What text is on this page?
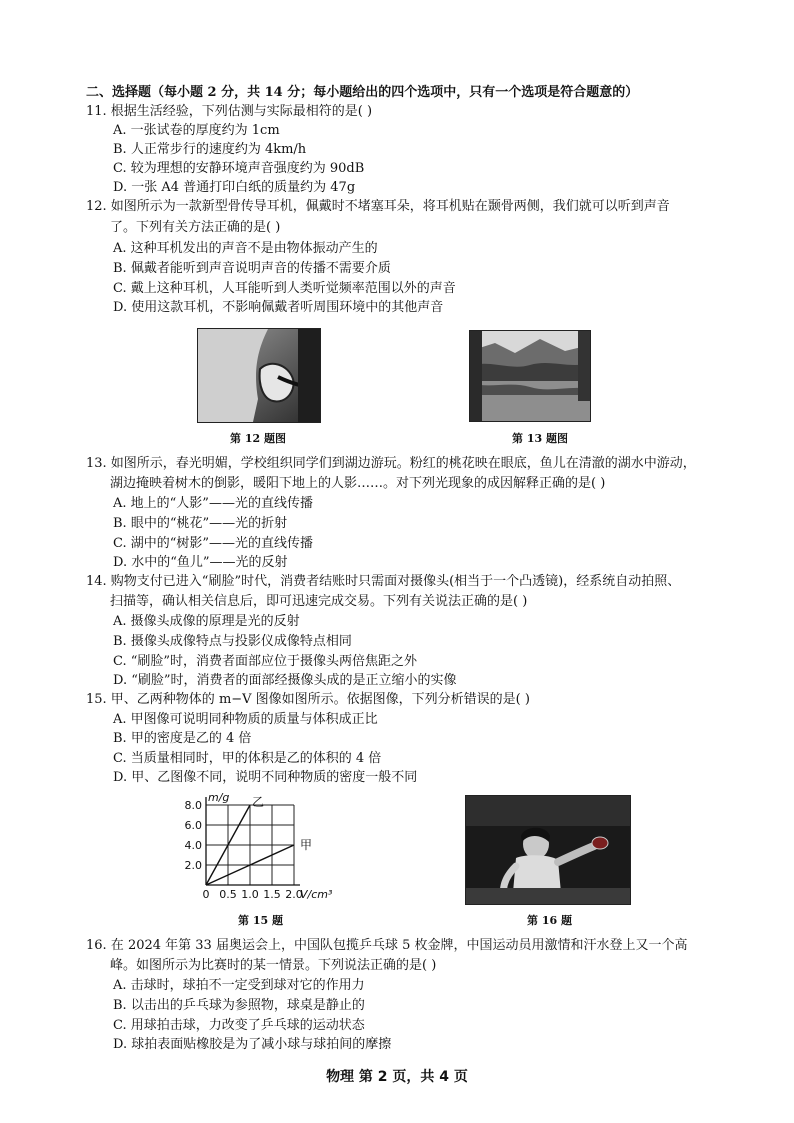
二、选择题（每小题 2 分，共 14 分；每小题给出的四个选项中，只有一个选项是符合题意的）
11. 根据生活经验，下列估测与实际最相符的是( )
A. 一张试卷的厚度约为 1cm
B. 人正常步行的速度约为 4km/h
C. 较为理想的安静环境声音强度约为 90dB
D. 一张 A4 普通打印白纸的质量约为 47g
12. 如图所示为一款新型骨传导耳机，佩戴时不堵塞耳朵，将耳机贴在颞骨两侧，我们就可以听到声音
了。下列有关方法正确的是( )
A. 这种耳机发出的声音不是由物体振动产生的
B. 佩戴者能听到声音说明声音的传播不需要介质
C. 戴上这种耳机，人耳能听到人类听觉频率范围以外的声音
D. 使用这款耳机，不影响佩戴者听周围环境中的其他声音
第 12 题图	第 13 题图
13. 如图所示，春光明媚，学校组织同学们到湖边游玩。粉红的桃花映在眼底，鱼儿在清澈的湖水中游动，
湖边掩映着树木的倒影，暖阳下地上的人影……。对下列光现象的成因解释正确的是( )
A. 地上的“人影”——光的直线传播
B. 眼中的“桃花”——光的折射
C. 湖中的“树影”——光的直线传播
D. 水中的“鱼儿”——光的反射
14. 购物支付已进入“刷脸”时代，消费者结账时只需面对摄像头(相当于一个凸透镜)，经系统自动拍照、
扫描等，确认相关信息后，即可迅速完成交易。下列有关说法正确的是( )
A. 摄像头成像的原理是光的反射
B. 摄像头成像特点与投影仪成像特点相同
C. “刷脸”时，消费者面部应位于摄像头两倍焦距之外
D. “刷脸”时，消费者的面部经摄像头成的是正立缩小的实像
15. 甲、乙两种物体的 m−V 图像如图所示。依据图像，下列分析错误的是( )
A. 甲图像可说明同种物质的质量与体积成正比
B. 甲的密度是乙的 4 倍
C. 当质量相同时，甲的体积是乙的体积的 4 倍
D. 甲、乙图像不同，说明不同种物质的密度一般不同
0 0.5 1.0 1.5 2.0
2.0
4.0
6.0
8.0
V/cm³
m/g 乙
甲
第 15 题	第 16 题
16. 在 2024 年第 33 届奥运会上，中国队包揽乒乓球 5 枚金牌，中国运动员用激情和汗水登上又一个高
峰。如图所示为比赛时的某一情景。下列说法正确的是( )
A. 击球时，球拍不一定受到球对它的作用力
B. 以击出的乒乓球为参照物，球桌是静止的
C. 用球拍击球，力改变了乒乓球的运动状态
D. 球拍表面贴橡胶是为了减小球与球拍间的摩擦
物理 第 2 页，共 4 页
